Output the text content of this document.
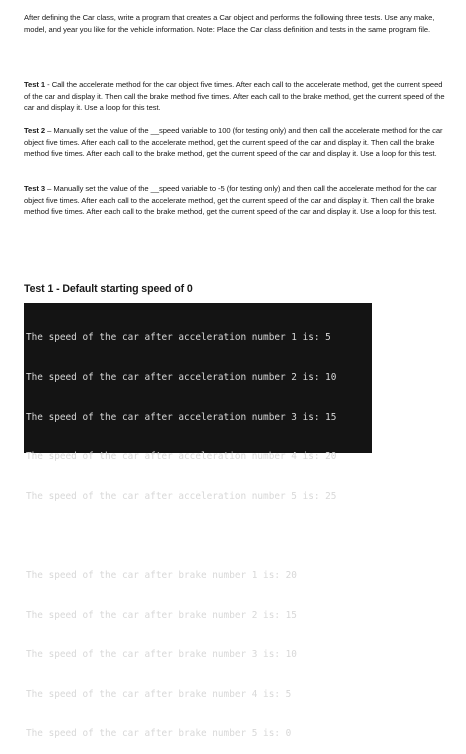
After defining the Car class, write a program that creates a Car object and performs the following three tests. Use any make, model, and year you like for the vehicle information. Note: Place the Car class definition and tests in the same program file.

Test 1 - Call the accelerate method for the car object five times. After each call to the accelerate method, get the current speed of the car and display it. Then call the brake method five times. After each call to the brake method, get the current speed of the car and display it. Use a loop for this test.

Test 2 – Manually set the value of the __speed variable to 100 (for testing only) and then call the accelerate method for the car object five times. After each call to the accelerate method, get the current speed of the car and display it. Then call the brake method five times. After each call to the brake method, get the current speed of the car and display it. Use a loop for this test.

Test 3 – Manually set the value of the __speed variable to -5 (for testing only) and then call the accelerate method for the car object five times. After each call to the accelerate method, get the current speed of the car and display it. Then call the brake method five times. After each call to the brake method, get the current speed of the car and display it. Use a loop for this test.

Test 1 - Default starting speed of 0

The speed of the car after acceleration number 1 is: 5

The speed of the car after acceleration number 2 is: 10

The speed of the car after acceleration number 3 is: 15

The speed of the car after acceleration number 4 is: 20

The speed of the car after acceleration number 5 is: 25

The speed of the car after brake number 1 is: 20

The speed of the car after brake number 2 is: 15

The speed of the car after brake number 3 is: 10

The speed of the car after brake number 4 is: 5

The speed of the car after brake number 5 is: 0
